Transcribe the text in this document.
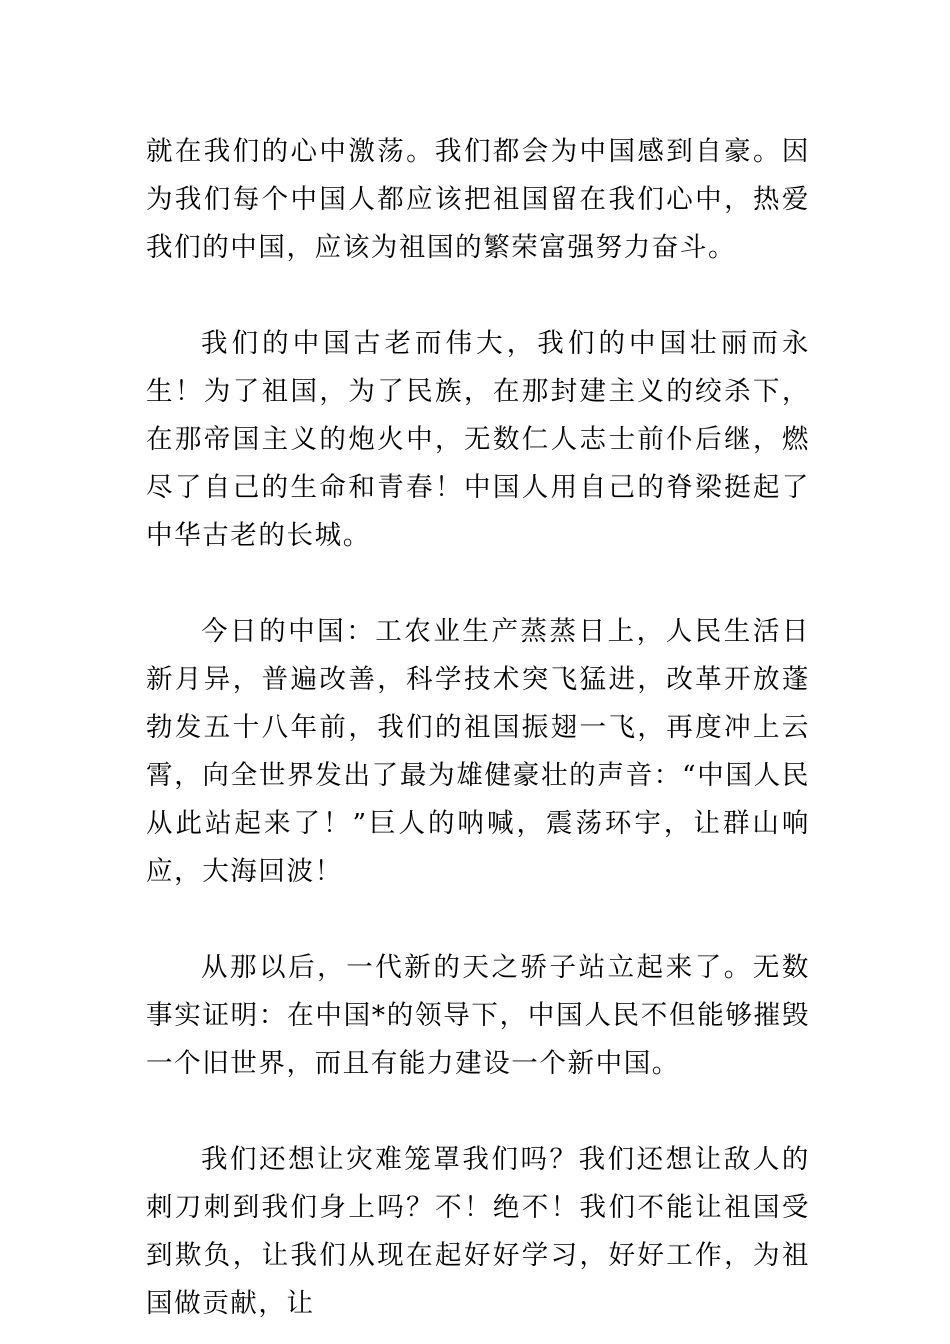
就在我们的心中激荡。我们都会为中国感到自豪。因为我们每个中国人都应该把祖国留在我们心中，热爱我们的中国，应该为祖国的繁荣富强努力奋斗。

我们的中国古老而伟大，我们的中国壮丽而永生！为了祖国，为了民族，在那封建主义的绞杀下，在那帝国主义的炮火中，无数仁人志士前仆后继，燃尽了自己的生命和青春！中国人用自己的脊梁挺起了中华古老的长城。

今日的中国：工农业生产蒸蒸日上，人民生活日新月异，普遍改善，科学技术突飞猛进，改革开放蓬勃发五十八年前，我们的祖国振翅一飞，再度冲上云霄，向全世界发出了最为雄健豪壮的声音：“中国人民从此站起来了！”巨人的呐喊，震荡环宇，让群山响应，大海回波！

从那以后，一代新的天之骄子站立起来了。无数事实证明：在中国*的领导下，中国人民不但能够摧毁一个旧世界，而且有能力建设一个新中国。

我们还想让灾难笼罩我们吗？我们还想让敌人的刺刀刺到我们身上吗？不！绝不！我们不能让祖国受到欺负，让我们从现在起好好学习，好好工作，为祖国做贡献，让
